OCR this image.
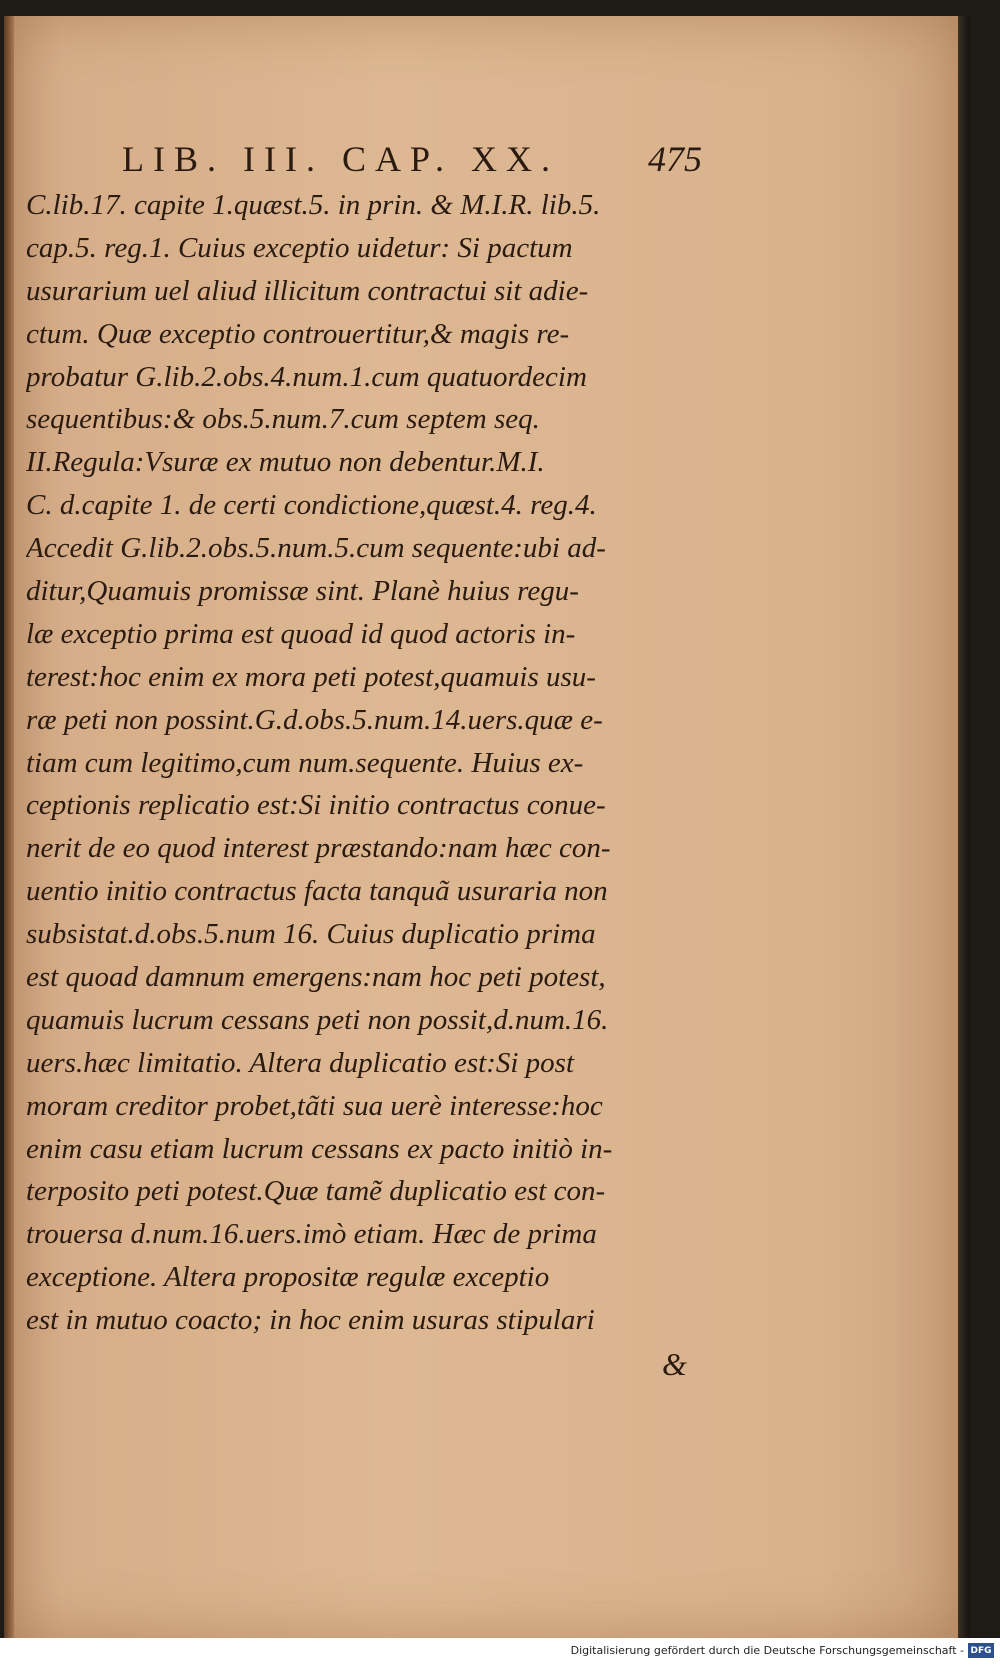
LIB. III. CAP. XX. 475
C.lib.17. capite 1.quæst.5. in prin. & M.I.R. lib.5.
cap.5. reg.1. Cuius exceptio uidetur: Si pactum
usurarium uel aliud illicitum contractui sit adie-
ctum. Quæ exceptio controuertitur,& magis re-
probatur G.lib.2.obs.4.num.1.cum quatuordecim
sequentibus:& obs.5.num.7.cum septem seq.
II.Regula:Vsuræ ex mutuo non debentur.M.I.
C. d.capite 1. de certi condictione,quæst.4. reg.4.
Accedit G.lib.2.obs.5.num.5.cum sequente:ubi ad-
ditur,Quamuis promissæ sint. Planè huius regu-
læ exceptio prima est quoad id quod actoris in-
terest:hoc enim ex mora peti potest,quamuis usu-
ræ peti non possint.G.d.obs.5.num.14.uers.quæ e-
tiam cum legitimo,cum num.sequente. Huius ex-
ceptionis replicatio est:Si initio contractus conue-
nerit de eo quod interest præstando:nam hæc con-
uentio initio contractus facta tanquã usuraria non
subsistat.d.obs.5.num 16. Cuius duplicatio prima
est quoad damnum emergens:nam hoc peti potest,
quamuis lucrum cessans peti non possit,d.num.16.
uers.hæc limitatio. Altera duplicatio est:Si post
moram creditor probet,tãti sua uerè interesse:hoc
enim casu etiam lucrum cessans ex pacto initiò in-
terposito peti potest.Quæ tamẽ duplicatio est con-
trouersa d.num.16.uers.imò etiam. Hæc de prima
exceptione. Altera propositæ regulæ exceptio
est in mutuo coacto; in hoc enim usuras stipulari
&
Digitalisierung gefördert durch die Deutsche Forschungsgemeinschaft - DFG
